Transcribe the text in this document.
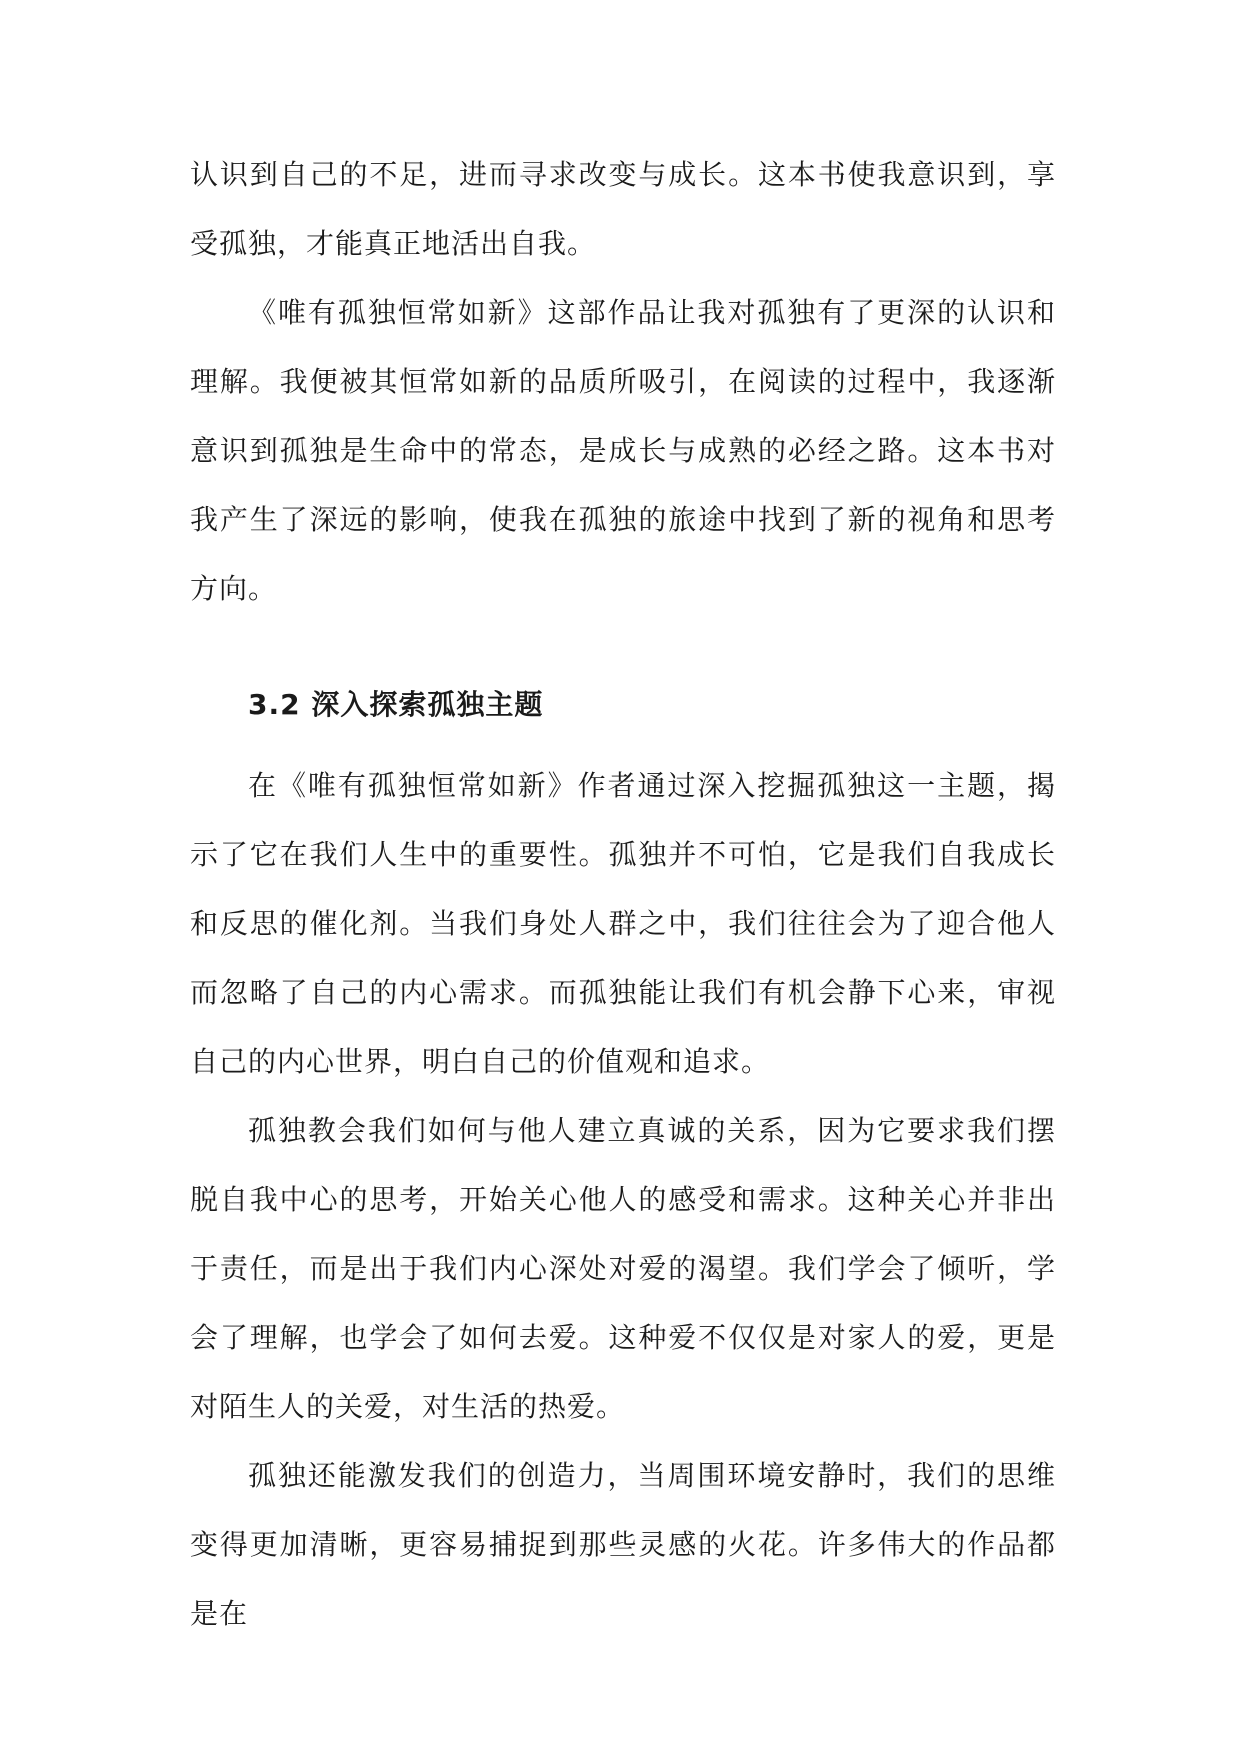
认识到自己的不足，进而寻求改变与成长。这本书使我意识到，享受孤独，才能真正地活出自我。

《唯有孤独恒常如新》这部作品让我对孤独有了更深的认识和理解。我便被其恒常如新的品质所吸引，在阅读的过程中，我逐渐意识到孤独是生命中的常态，是成长与成熟的必经之路。这本书对我产生了深远的影响，使我在孤独的旅途中找到了新的视角和思考方向。

3.2 深入探索孤独主题

在《唯有孤独恒常如新》作者通过深入挖掘孤独这一主题，揭示了它在我们人生中的重要性。孤独并不可怕，它是我们自我成长和反思的催化剂。当我们身处人群之中，我们往往会为了迎合他人而忽略了自己的内心需求。而孤独能让我们有机会静下心来，审视自己的内心世界，明白自己的价值观和追求。

孤独教会我们如何与他人建立真诚的关系，因为它要求我们摆脱自我中心的思考，开始关心他人的感受和需求。这种关心并非出于责任，而是出于我们内心深处对爱的渴望。我们学会了倾听，学会了理解，也学会了如何去爱。这种爱不仅仅是对家人的爱，更是对陌生人的关爱，对生活的热爱。

孤独还能激发我们的创造力，当周围环境安静时，我们的思维变得更加清晰，更容易捕捉到那些灵感的火花。许多伟大的作品都是在
